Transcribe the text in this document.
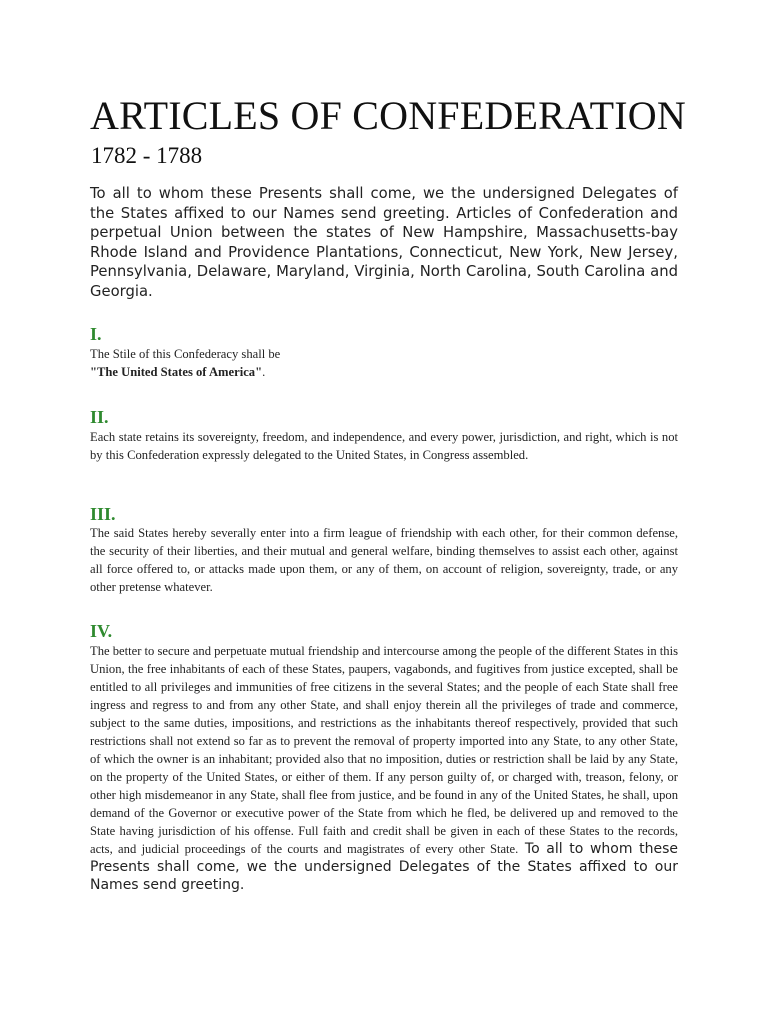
ARTICLES OF CONFEDERATION
1782 - 1788

To all to whom these Presents shall come, we the undersigned Delegates of the States affixed to our Names send greeting. Articles of Confederation and perpetual Union between the states of New Hampshire, Massachusetts-bay Rhode Island and Providence Plantations, Connecticut, New York, New Jersey, Pennsylvania, Delaware, Maryland, Virginia, North Carolina, South Carolina and Georgia.

I.

The Stile of this Confederacy shall be
"The United States of America".

II.

Each state retains its sovereignty, freedom, and independence, and every power, jurisdiction, and right, which is not by this Confederation expressly delegated to the United States, in Congress assembled.

III.

The said States hereby severally enter into a firm league of friendship with each other, for their common defense, the security of their liberties, and their mutual and general welfare, binding themselves to assist each other, against all force offered to, or attacks made upon them, or any of them, on account of religion, sovereignty, trade, or any other pretense whatever.

IV.

The better to secure and perpetuate mutual friendship and intercourse among the people of the different States in this Union, the free inhabitants of each of these States, paupers, vagabonds, and fugitives from justice excepted, shall be entitled to all privileges and immunities of free citizens in the several States; and the people of each State shall free ingress and regress to and from any other State, and shall enjoy therein all the privileges of trade and commerce, subject to the same duties, impositions, and restrictions as the inhabitants thereof respectively, provided that such restrictions shall not extend so far as to prevent the removal of property imported into any State, to any other State, of which the owner is an inhabitant; provided also that no imposition, duties or restriction shall be laid by any State, on the property of the United States, or either of them. If any person guilty of, or charged with, treason, felony, or other high misdemeanor in any State, shall flee from justice, and be found in any of the United States, he shall, upon demand of the Governor or executive power of the State from which he fled, be delivered up and removed to the State having jurisdiction of his offense. Full faith and credit shall be given in each of these States to the records, acts, and judicial proceedings of the courts and magistrates of every other State. To all to whom these Presents shall come, we the undersigned Delegates of the States affixed to our Names send greeting.
